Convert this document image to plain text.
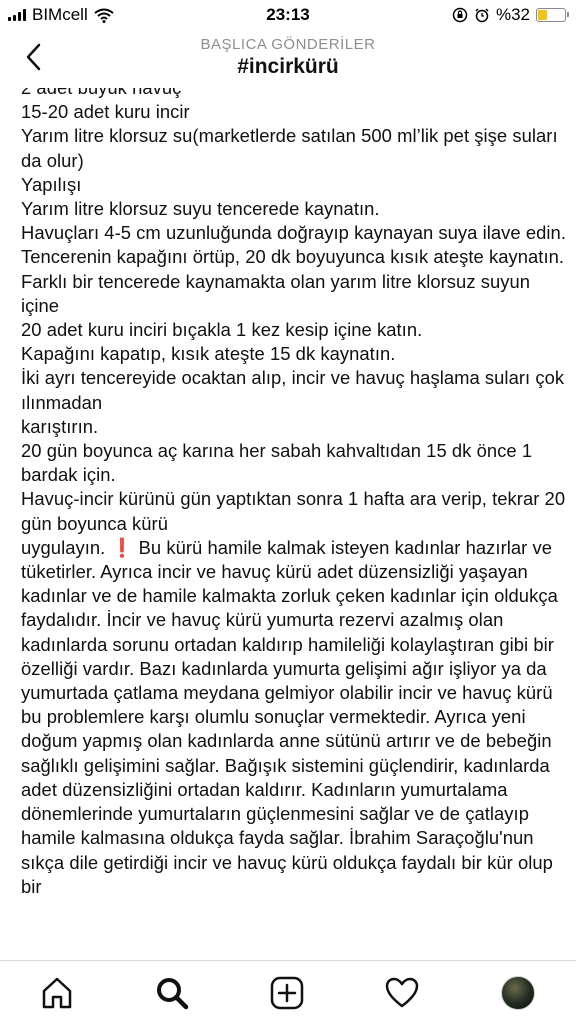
BIMcell	23:13	%32
BAŞLICA GÖNDERİLER
#incirkürü

15-20 adet kuru incir

Yarım litre klorsuz su(marketlerde satılan 500 ml’lik pet şişe suları da olur)

Yapılışı

Yarım litre klorsuz suyu tencerede kaynatın.

Havuçları 4-5 cm uzunluğunda doğrayıp kaynayan suya ilave edin.

Tencerenin kapağını örtüp, 20 dk boyuyunca kısık ateşte kaynatın.

Farklı bir tencerede kaynamakta olan yarım litre klorsuz suyun içine

20 adet kuru inciri bıçakla 1 kez kesip içine katın.

Kapağını kapatıp, kısık ateşte 15 dk kaynatın.

İki ayrı tencereyide ocaktan alıp, incir ve havuç haşlama suları çok ılınmadan

karıştırın.

20 gün boyunca aç karına her sabah kahvaltıdan 15 dk önce 1 bardak için.

Havuç-incir kürünü gün yaptıktan sonra 1 hafta ara verip, tekrar 20 gün boyunca kürü

uygulayın. ❗ Bu kürü hamile kalmak isteyen kadınlar hazırlar ve tüketirler. Ayrıca incir ve havuç kürü adet düzensizliği yaşayan kadınlar ve de hamile kalmakta zorluk çeken kadınlar için oldukça faydalıdır. İncir ve havuç kürü yumurta rezervi azalmış olan kadınlarda sorunu ortadan kaldırıp hamileliği kolaylaştıran gibi bir özelliği vardır. Bazı kadınlarda yumurta gelişimi ağır işliyor ya da yumurtada çatlama meydana gelmiyor olabilir incir ve havuç kürü bu problemlere karşı olumlu sonuçlar vermektedir. Ayrıca yeni doğum yapmış olan kadınlarda anne sütünü artırır ve de bebeğin sağlıklı gelişimini sağlar. Bağışık sistemini güçlendirir, kadınlarda adet düzensizliğini ortadan kaldırır. Kadınların yumurtalama dönemlerinde yumurtaların güçlenmesini sağlar ve de çatlayıp hamile kalmasına oldukça fayda sağlar. İbrahim Saraçoğlu'nun sıkça dile getirdiği incir ve havuç kürü oldukça faydalı bir kür olup bir
